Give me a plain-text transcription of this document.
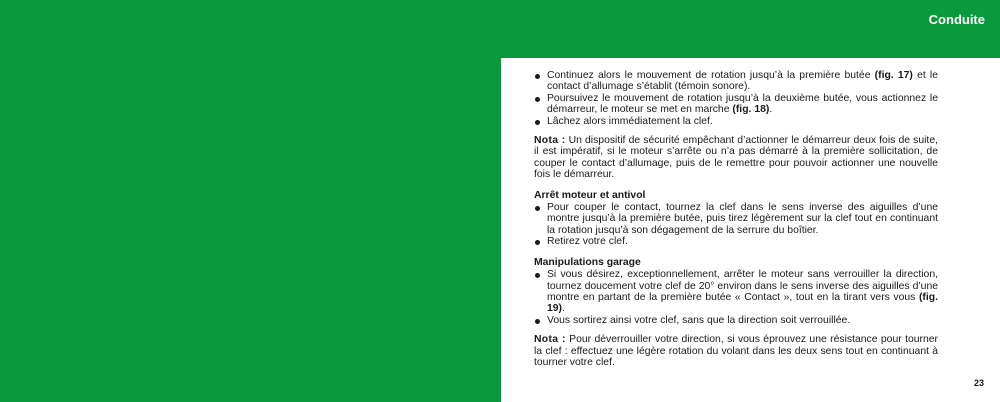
Conduite
Continuez alors le mouvement de rotation jusqu’à la première butée (fig. 17) et le contact d’allumage s’établit (témoin sonore).
Poursuivez le mouvement de rotation jusqu’à la deuxième butée, vous actionnez le démarreur, le moteur se met en marche (fig. 18).
Lâchez alors immédiatement la clef.
Nota : Un dispositif de sécurité empêchant d’actionner le démarreur deux fois de suite, il est impératif, si le moteur s’arrête ou n’a pas démarré à la première sollicitation, de couper le contact d’allumage, puis de le remettre pour pouvoir actionner une nouvelle fois le démarreur.
Arrêt moteur et antivol
Pour couper le contact, tournez la clef dans le sens inverse des aiguilles d’une montre jusqu’à la première butée, puis tirez légèrement sur la clef tout en continuant la rotation jusqu’à son dégagement de la serrure du boîtier.
Retirez votre clef.
Manipulations garage
Si vous désirez, exceptionnellement, arrêter le moteur sans verrouiller la direction, tournez doucement votre clef de 20° environ dans le sens inverse des aiguilles d’une montre en partant de la première butée « Contact », tout en la tirant vers vous (fig. 19).
Vous sortirez ainsi votre clef, sans que la direction soit verrouillée.
Nota : Pour déverrouiller votre direction, si vous éprouvez une résistance pour tourner la clef : effectuez une légère rotation du volant dans les deux sens tout en continuant à tourner votre clef.
23
